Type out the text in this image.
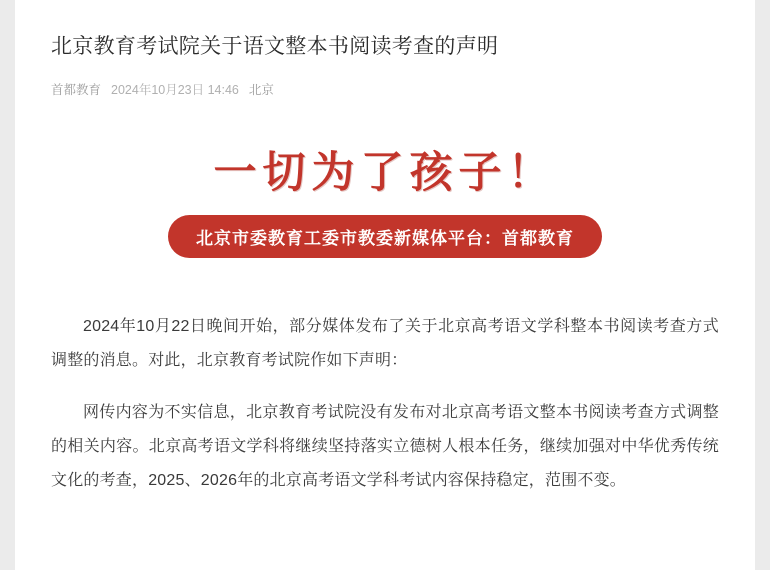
北京教育考试院关于语文整本书阅读考查的声明
首都教育 2024年10月23日 14:46 北京
一切为了孩子！
北京市委教育工委市教委新媒体平台：首都教育

2024年10月22日晚间开始，部分媒体发布了关于北京高考语文学科整本书阅读考查方式调整的消息。对此，北京教育考试院作如下声明：

网传内容为不实信息，北京教育考试院没有发布对北京高考语文整本书阅读考查方式调整的相关内容。北京高考语文学科将继续坚持落实立德树人根本任务，继续加强对中华优秀传统文化的考查，2025、2026年的北京高考语文学科考试内容保持稳定，范围不变。
